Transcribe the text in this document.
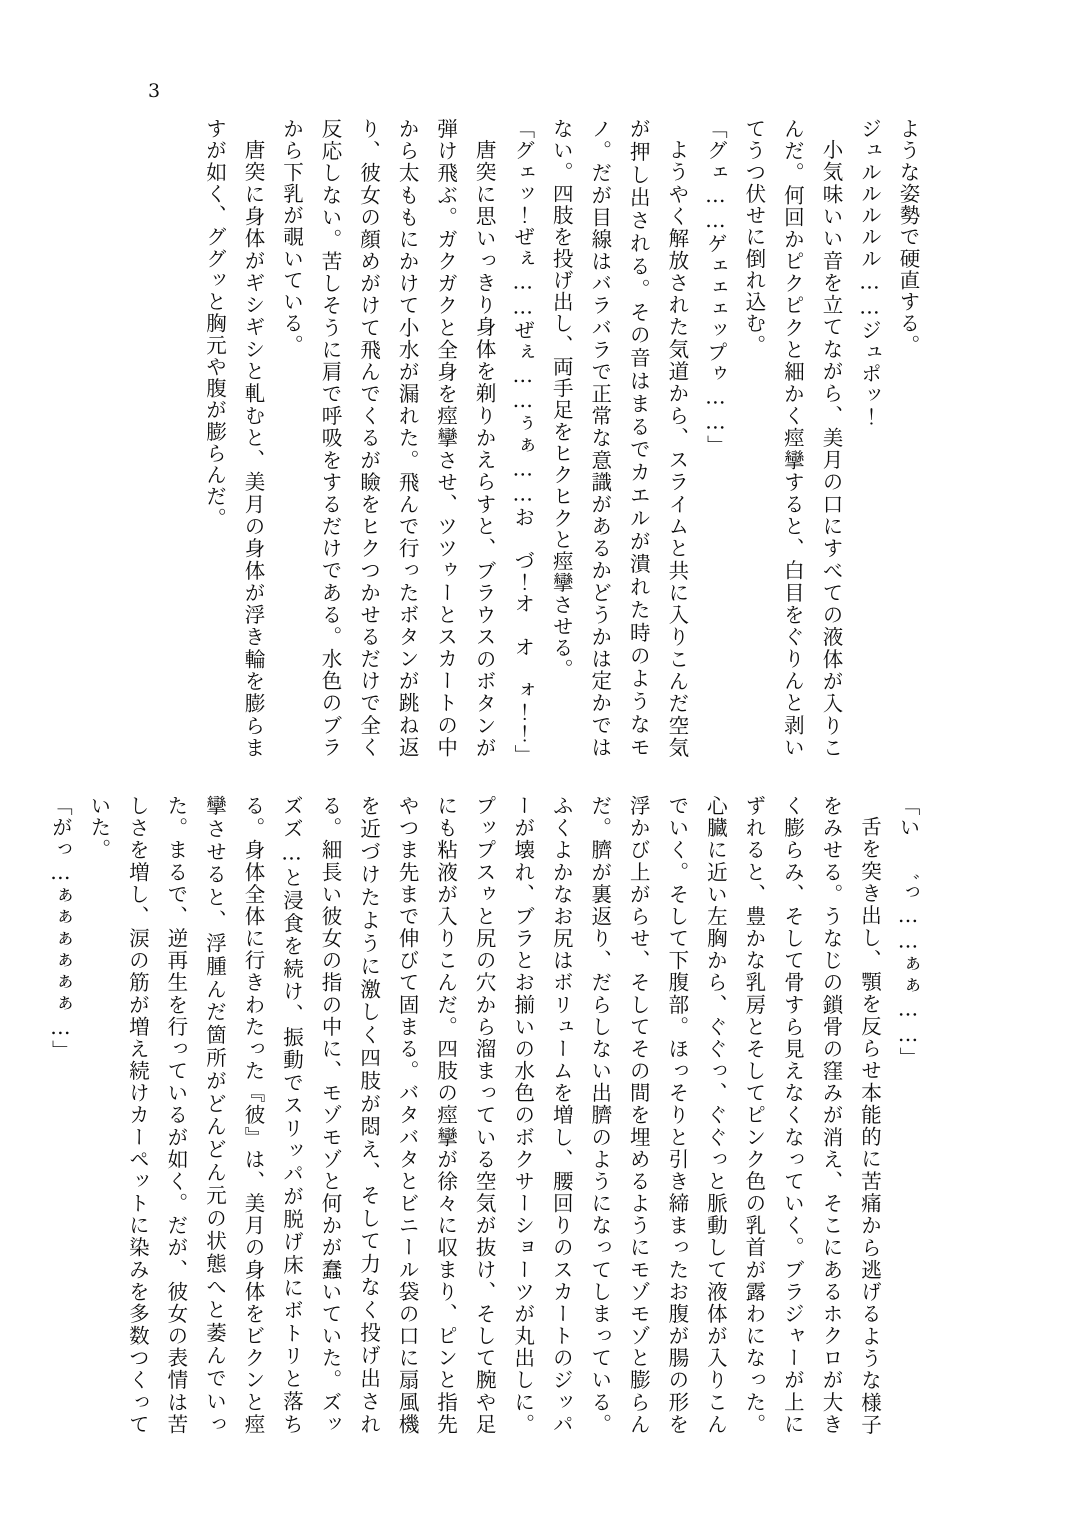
3

ような姿勢で硬直する。

ジュルルルルル……ジュポッ！

小気味いい音を立てながら、美月の口にすべての液体が入りこんだ。何回かピクピクと細かく痙攣すると、白目をぐりんと剥いてうつ伏せに倒れ込む。

「グェ……ゲェェェップゥ……」

ようやく解放された気道から、スライムと共に入りこんだ空気が押し出される。その音はまるでカエルが潰れた時のようなモノ。だが目線はバラバラで正常な意識があるかどうかは定かではない。四肢を投げ出し、両手足をヒクヒクと痙攣させる。

「グェッ！ぜぇ……ぜぇ……ぅぁ……お　づ！オ　オ　ォ！！」

唐突に思いっきり身体を剃りかえらすと、ブラウスのボタンが弾け飛ぶ。ガクガクと全身を痙攣させ、ツツゥーとスカートの中から太ももにかけて小水が漏れた。飛んで行ったボタンが跳ね返り、彼女の顔めがけて飛んでくるが瞼をヒクつかせるだけで全く反応しない。苦しそうに肩で呼吸をするだけである。水色のブラから下乳が覗いている。

唐突に身体がギシギシと軋むと、美月の身体が浮き輪を膨らますが如く、ググッと胸元や腹が膨らんだ。

「い　゛っ……ぁぁ……」

舌を突き出し、顎を反らせ本能的に苦痛から逃げるような様子をみせる。うなじの鎖骨の窪みが消え、そこにあるホクロが大きく膨らみ、そして骨すら見えなくなっていく。ブラジャーが上にずれると、豊かな乳房とそしてピンク色の乳首が露わになった。心臓に近い左胸から、ぐぐっ、ぐぐっと脈動して液体が入りこんでいく。そして下腹部。ほっそりと引き締まったお腹が腸の形を浮かび上がらせ、そしてその間を埋めるようにモゾモゾと膨らんだ。臍が裏返り、だらしない出臍のようになってしまっている。ふくよかなお尻はボリュームを増し、腰回りのスカートのジッパーが壊れ、ブラとお揃いの水色のボクサーショーツが丸出しに。プップスゥと尻の穴から溜まっている空気が抜け、そして腕や足にも粘液が入りこんだ。四肢の痙攣が徐々に収まり、ピンと指先やつま先まで伸びて固まる。バタバタとビニール袋の口に扇風機を近づけたように激しく四肢が悶え、そして力なく投げ出される。細長い彼女の指の中に、モゾモゾと何かが蠢いていた。ズッズズ…と浸食を続け、振動でスリッパが脱げ床にボトリと落ちる。身体全体に行きわたった『彼』は、美月の身体をビクンと痙攣させると、浮腫んだ箇所がどんどん元の状態へと萎んでいった。まるで、逆再生を行っているが如く。だが、彼女の表情は苦しさを増し、涙の筋が増え続けカーペットに染みを多数つくっていた。

「がっ…ぁぁぁぁぁぁ…」
